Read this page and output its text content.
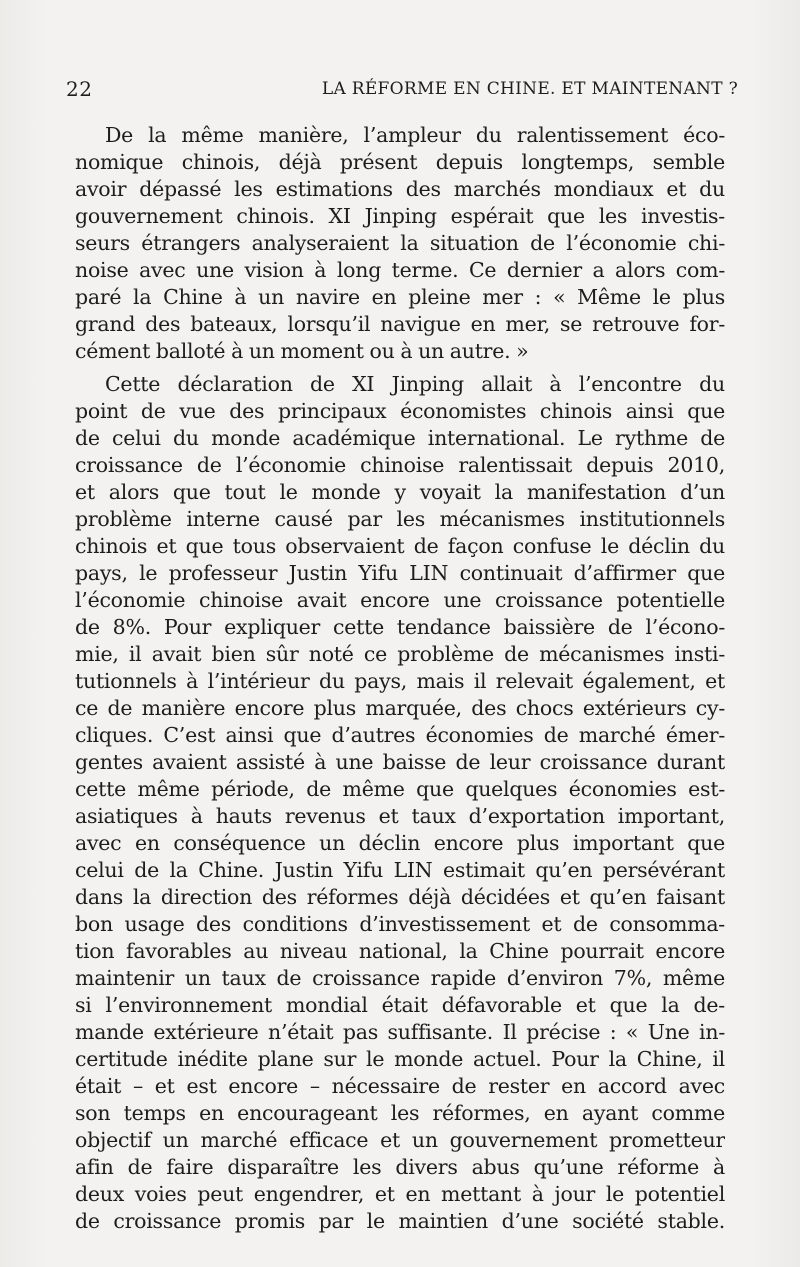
22	LA RÉFORME EN CHINE. ET MAINTENANT ?
De la même manière, l’ampleur du ralentissement éco-
nomique chinois, déjà présent depuis longtemps, semble
avoir dépassé les estimations des marchés mondiaux et du
gouvernement chinois. XI Jinping espérait que les investis-
seurs étrangers analyseraient la situation de l’économie chi-
noise avec une vision à long terme. Ce dernier a alors com-
paré la Chine à un navire en pleine mer : « Même le plus
grand des bateaux, lorsqu’il navigue en mer, se retrouve for-
cément balloté à un moment ou à un autre. »
Cette déclaration de XI Jinping allait à l’encontre du
point de vue des principaux économistes chinois ainsi que
de celui du monde académique international. Le rythme de
croissance de l’économie chinoise ralentissait depuis 2010,
et alors que tout le monde y voyait la manifestation d’un
problème interne causé par les mécanismes institutionnels
chinois et que tous observaient de façon confuse le déclin du
pays, le professeur Justin Yifu LIN continuait d’affirmer que
l’économie chinoise avait encore une croissance potentielle
de 8%. Pour expliquer cette tendance baissière de l’écono-
mie, il avait bien sûr noté ce problème de mécanismes insti-
tutionnels à l’intérieur du pays, mais il relevait également, et
ce de manière encore plus marquée, des chocs extérieurs cy-
cliques. C’est ainsi que d’autres économies de marché émer-
gentes avaient assisté à une baisse de leur croissance durant
cette même période, de même que quelques économies est-
asiatiques à hauts revenus et taux d’exportation important,
avec en conséquence un déclin encore plus important que
celui de la Chine. Justin Yifu LIN estimait qu’en persévérant
dans la direction des réformes déjà décidées et qu’en faisant
bon usage des conditions d’investissement et de consomma-
tion favorables au niveau national, la Chine pourrait encore
maintenir un taux de croissance rapide d’environ 7%, même
si l’environnement mondial était défavorable et que la de-
mande extérieure n’était pas suffisante. Il précise : « Une in-
certitude inédite plane sur le monde actuel. Pour la Chine, il
était – et est encore – nécessaire de rester en accord avec
son temps en encourageant les réformes, en ayant comme
objectif un marché efficace et un gouvernement prometteur
afin de faire disparaître les divers abus qu’une réforme à
deux voies peut engendrer, et en mettant à jour le potentiel
de croissance promis par le maintien d’une société stable.
